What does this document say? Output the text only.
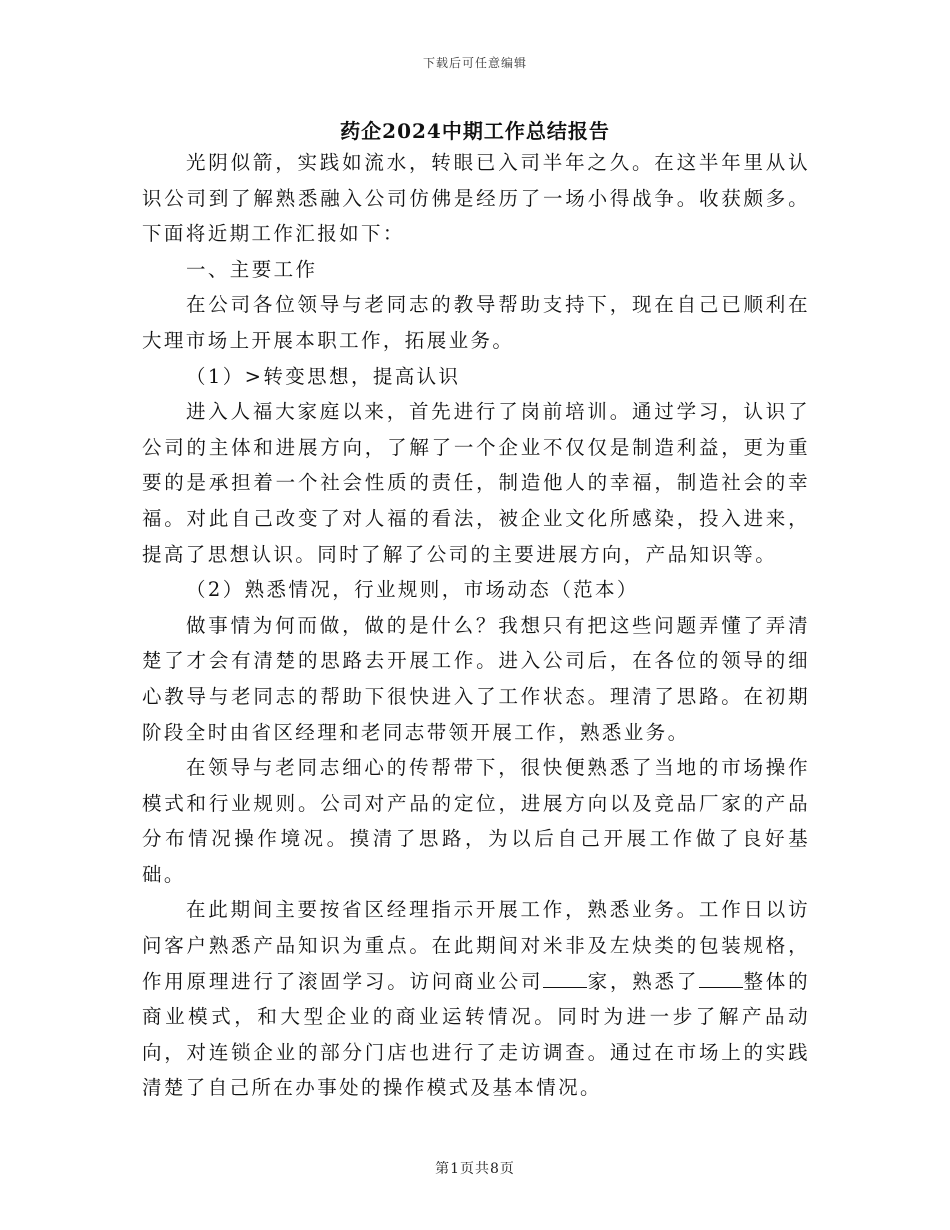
下载后可任意编辑
药企2024中期工作总结报告

光阴似箭，实践如流水，转眼已入司半年之久。在这半年里从认识公司到了解熟悉融入公司仿佛是经历了一场小得战争。收获颇多。下面将近期工作汇报如下：

一、主要工作

在公司各位领导与老同志的教导帮助支持下，现在自己已顺利在大理市场上开展本职工作，拓展业务。

（1）>转变思想，提高认识

进入人福大家庭以来，首先进行了岗前培训。通过学习，认识了公司的主体和进展方向，了解了一个企业不仅仅是制造利益，更为重要的是承担着一个社会性质的责任，制造他人的幸福，制造社会的幸福。对此自己改变了对人福的看法，被企业文化所感染，投入进来，提高了思想认识。同时了解了公司的主要进展方向，产品知识等。

（2）熟悉情况，行业规则，市场动态（范本）

做事情为何而做，做的是什么？我想只有把这些问题弄懂了弄清楚了才会有清楚的思路去开展工作。进入公司后，在各位的领导的细心教导与老同志的帮助下很快进入了工作状态。理清了思路。在初期阶段全时由省区经理和老同志带领开展工作，熟悉业务。

在领导与老同志细心的传帮带下，很快便熟悉了当地的市场操作模式和行业规则。公司对产品的定位，进展方向以及竞品厂家的产品分布情况操作境况。摸清了思路，为以后自己开展工作做了良好基础。

在此期间主要按省区经理指示开展工作，熟悉业务。工作日以访问客户熟悉产品知识为重点。在此期间对米非及左炔类的包装规格，作用原理进行了滚固学习。访问商业公司 家，熟悉了 整体的商业模式，和大型企业的商业运转情况。同时为进一步了解产品动向，对连锁企业的部分门店也进行了走访调查。通过在市场上的实践清楚了自己所在办事处的操作模式及基本情况。

第1页共8页
